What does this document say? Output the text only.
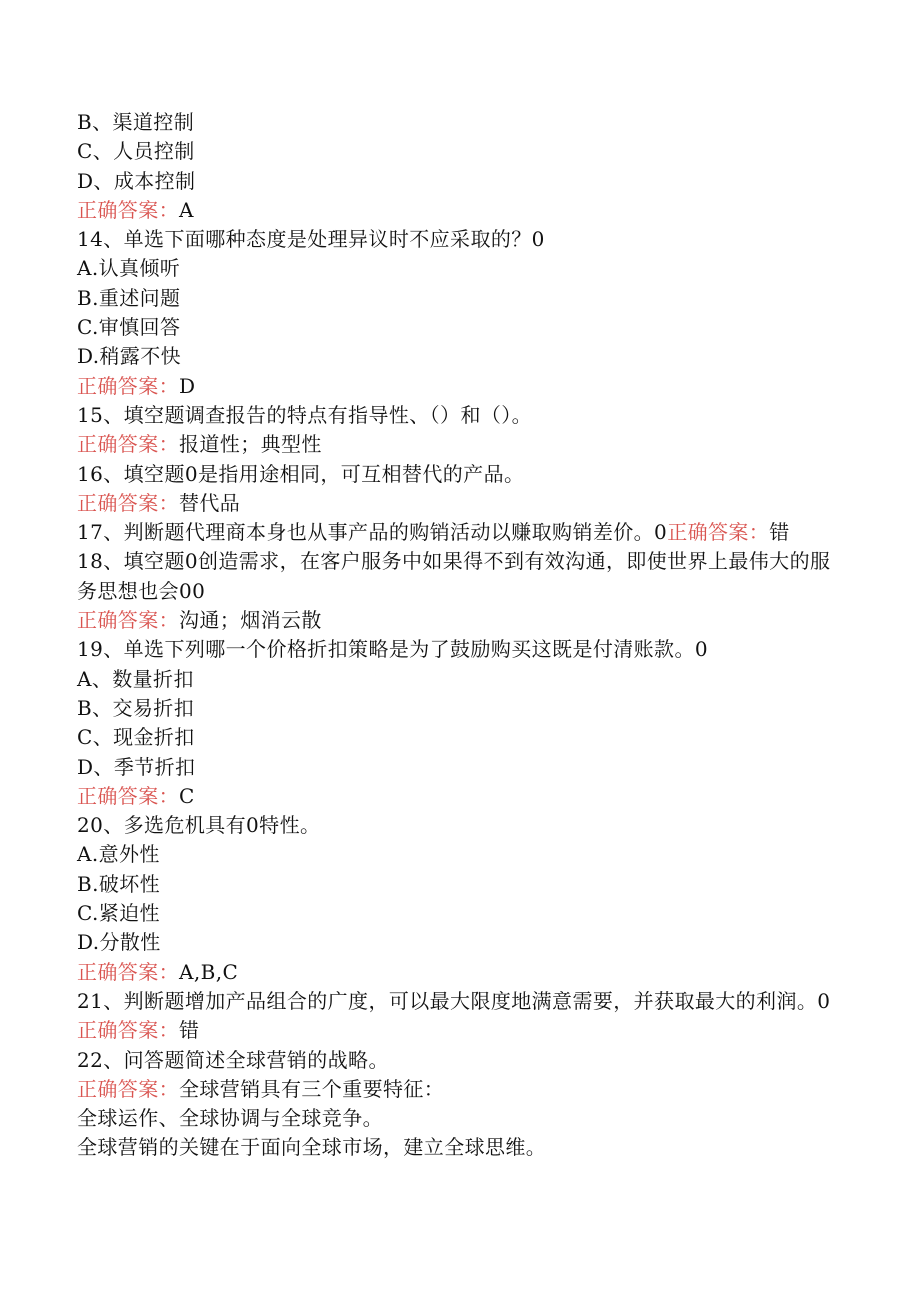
B、渠道控制
C、人员控制
D、成本控制
正确答案：A
14、单选下面哪种态度是处理异议时不应采取的？0
A.认真倾听
B.重述问题
C.审慎回答
D.稍露不快
正确答案：D
15、填空题调查报告的特点有指导性、（）和（）。
正确答案：报道性；典型性
16、填空题0是指用途相同，可互相替代的产品。
正确答案：替代品
17、判断题代理商本身也从事产品的购销活动以赚取购销差价。0正确答案：错
18、填空题0创造需求，在客户服务中如果得不到有效沟通，即使世界上最伟大的服务思想也会00
正确答案：沟通；烟消云散
19、单选下列哪一个价格折扣策略是为了鼓励购买这既是付清账款。0
A、数量折扣
B、交易折扣
C、现金折扣
D、季节折扣
正确答案：C
20、多选危机具有0特性。
A.意外性
B.破坏性
C.紧迫性
D.分散性
正确答案：A,B,C
21、判断题增加产品组合的广度，可以最大限度地满意需要，并获取最大的利润。0
正确答案：错
22、问答题简述全球营销的战略。
正确答案：全球营销具有三个重要特征：
全球运作、全球协调与全球竞争。
全球营销的关键在于面向全球市场，建立全球思维。
